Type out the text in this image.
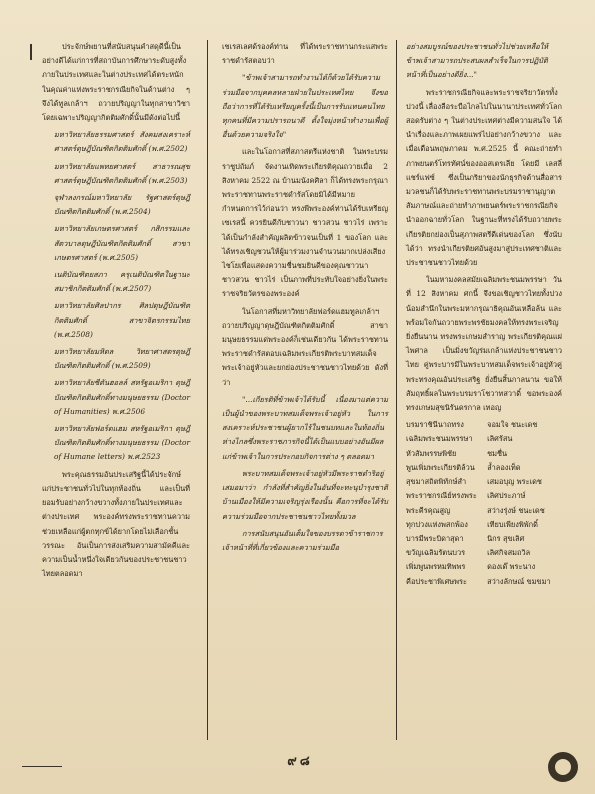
ประจักษ์พยานที่สนับสนุนคำสดุดีนี้เป็นอย่างดีได้แก่การที่สถาบันการศึกษาระดับสูงทั้งภายในประเทศและในต่างประเทศได้ตระหนักในคุณค่าแห่งพระราชกรณียกิจในด้านต่าง ๆ จึงได้ทูลเกล้าฯ ถวายปริญญาในทุกสาขาวิชา โดยเฉพาะปริญญากิตติมศักดิ์นั้นมีดังต่อไปนี้

มหาวิทยาลัยธรรมศาสตร์ สังคมสงเคราะห์ศาสตร์ดุษฎีบัณฑิตกิตติมศักดิ์ (พ.ศ.2502)

มหาวิทยาลัยแพทยศาสตร์ สาธารณสุขศาสตร์ดุษฎีบัณฑิตกิตติมศักดิ์ (พ.ศ.2503)

จุฬาลงกรณ์มหาวิทยาลัย รัฐศาสตร์ดุษฎีบัณฑิตกิตติมศักดิ์ (พ.ศ.2504)

มหาวิทยาลัยเกษตรศาสตร์ กสิกรรมและสัตวบาลดุษฎีบัณฑิตกิตติมศักดิ์ สาขาเกษตรศาสตร์ (พ.ศ.2505)

เนติบัณฑิตยสภา ครุเนติบัณฑิตในฐานะสมาชิกกิตติมศักดิ์ (พ.ศ.2507)

มหาวิทยาลัยศิลปากร ศิลปดุษฎีบัณฑิตกิตติมศักดิ์ สาขาจิตรกรรมไทย (พ.ศ.2508)

มหาวิทยาลัยมหิดล วิทยาศาสตรดุษฎีบัณฑิตกิตติมศักดิ์ (พ.ศ.2509)

มหาวิทยาลัยซีตันฮอลล์ สหรัฐอเมริกา ดุษฎีบัณฑิตกิตติมศักดิ์ทางมนุษยธรรม (Doctor of Humanities) พ.ศ.2506

มหาวิทยาลัยฟอร์ดแฮม สหรัฐอเมริกา ดุษฎีบัณฑิตกิตติมศักดิ์ทางมนุษยธรรม (Doctor of Humane letters) พ.ศ.2523

พระคุณธรรมอันประเสริฐนี้ได้ประจักษ์แก่ประชาชนทั่วไปในทุกท้องถิ่น และเป็นที่ยอมรับอย่างกว้างขวางทั้งภายในประเทศและต่างประเทศ พระองค์ทรงพระราชทานความช่วยเหลือแก่ผู้ตกทุกข์ได้ยากโดยไม่เลือกชั้นวรรณะ อันเป็นการส่งเสริมความสามัคคีและความเป็นน้ำหนึ่งใจเดียวกันของประชาชนชาวไทยตลอดมา

เชเรสเลศด้รองค์ท่าน ที่ได้พระราชทานกระแสพระราชดำรัสตอบว่า

"ข้าพเจ้าสามารถทำงานได้ก็ด้วยได้รับความร่วมมือจากบุคคลหลายฝ่ายในประเทศไทย จึงขอถือว่าการที่ได้รับเหรียญครั้งนี้เป็นการรับแทนคนไทยทุกคนที่มีความปรารถนาดี ตั้งใจมุ่งหน้าทำงานเพื่อผู้อื่นด้วยความจริงใจ"

และในโอกาสที่สภาสตรีแห่งชาติ ในพระบรมราชูปถัมภ์ จัดงานเทิดพระเกียรติคุณถวายเมื่อ 2 สิงหาคม 2522 ณ บ้านมนังคศิลา ก็ได้ทรงพระกรุณาพระราชทานพระราชดำรัสโดยมิได้มีหมายกำหนดการไว้ก่อนว่า ทรงพีพระองค์ท่านได้รับเหรียญเซเรสนี้ ควรยินดีกับชาวนา ชาวสวน ชาวไร่ เพราะได้เป็นกำลังสำคัญผลิตข้าวจนเป็นที่ 1 ของโลก และได้ทรงเชิญชวนให้ผู้มาร่วมงานจำนวนมากเปล่งเสียงไชโยเพื่อแสดงความชื่นชมยินดีของคุณชาวนา ชาวสวน ชาวไร่ เป็นภาพที่ประทับใจอย่างยิ่งในพระราชจริยวัตรของพระองค์

ในโอกาสที่มหาวิทยาลัยฟอร์ดแฮมทูลเกล้าฯ ถวายปริญญาดุษฎีบัณฑิตกิตติมศักดิ์ สาขามนุษยธรรมแด่พระองค์ก็เช่นเดียวกัน ได้พระราชทานพระราชดำรัสตอบเฉลิมพระเกียรติพระบาทสมเด็จพระเจ้าอยู่หัวและยกย่องประชาชนชาวไทยด้วย ดังที่ว่า

"...เกียรติที่ข้าพเจ้าได้รับนี้ เนื่องมาแต่ความเป็นผู้นำของพระบาทสมเด็จพระเจ้าอยู่หัว ในการสงเคราะห์ประชาชนผู้ยากไร้ในชนบทและในท้องถิ่นห่างไกลซึ่งพระราชภารกิจนี้ได้เป็นแบบอย่างอันมีผลแก่ข้าพเจ้าในการประกอบกิจการต่าง ๆ ตลอดมา

พระบาทสมเด็จพระเจ้าอยู่หัวมีพระราชดำริอยู่เสมอมาว่า กำลังที่สำคัญยิ่งในอันที่จะทะนุบำรุงชาติบ้านเมืองให้มีความเจริญรุ่งเรืองนั้น คือการที่จะได้รับความร่วมมือจากประชาชนชาวไทยทั้งมวล

การสนับสนุนอันเต็มใจของบรรดาข้าราชการ เจ้าหน้าที่ที่เกี่ยวข้องและความร่วมมือ

อย่างสมบูรณ์ของประชาชนทั่วไปช่วยเหลือให้ข้าพเจ้าสามารถประสบผลสำเร็จในการปฏิบัติหน้าที่เป็นอย่างดียิ่ง..."

พระราชกรณียกิจและพระราชจริยาวัตรทั้งปวงนี้ เลื่องลือระบือไกลไปในนานาประเทศทั่วโลก สอดรับต่าง ๆ ในต่างประเทศต่างมีความสนใจ ได้นำเรื่องและภาพเผยแพร่ไปอย่างกว้างขวาง และเมื่อเดือนพฤษภาคม พ.ศ.2525 นี้ คณะถ่ายทำภาพยนตร์โทรทัศน์ของออสเตรเลีย โดยมี เลสลี่ แชร์แฟซ์ ซึ่งเป็นภริยาของนักธุรกิจด้านสื่อสารมวลชนก็ได้รับพระราชทานพระบรมราชานุญาตสัมภาษณ์และถ่ายทำภาพยนตร์พระราชกรณียกิจนำออกฉายทั่วโลก ในฐานะที่ทรงได้รับถวายพระเกียรติยกย่องเป็นสุภาพสตรีดีเด่นของโลก ซึ่งนับได้ว่า ทรงนำเกียรติยศอันสูงมาสู่ประเทศชาติและประชาชนชาวไทยด้วย

ในมหามงคลสมัยเฉลิมพระชนมพรรษา วันที่ 12 สิงหาคม ศกนี้ จึงขอเชิญชาวไทยทั้งปวง น้อมสำนึกในพระมหากรุณาธิคุณอันเหลือล้น และพร้อมใจกันถวายพระพรชัยมงคลให้ทรงพระเจริญยิ่งยืนนาน ทรงพระเกษมสำราญ พระเกียรติคุณแผ่ไพศาล เป็นมิ่งขวัญร่มเกล้าแห่งประชาชนชาวไทย คู่พระบารมีในพระบาทสมเด็จพระเจ้าอยู่หัวคู่พระทรงคุณอันประเสริฐ ยั่งยืนสิ้นกาลนาน ขอให้สัมฤทธิ์ผลในพระบรมราโชวาทสวาดิ์ ขอพระองค์ทรงเกษมสุขนิรันดรกาล เทอญ

บรมราชินีนาถทรง	จอมใจ ชนะเดช
เฉลิมพระชนมพรรษา	เลิศรัสน
หัวสัมพรรษพิชัย	ชมชื่น
พูนเพิ่มพระเกียรติล้วน	ล้ำลองเท็ด
สุขมาสถิตพิทักษ์สำ	เสมอบุญ พระเดช
พระราชกรณีย์ทรงพระ	เลิศประภาษ์
พระคีรคุณสูญ	สว่างรุ่งษ์ ชนะเดช
ทุกปวงแห่งพสกพ้อง	เทียบเพียงพิพักดิ์
บารมีพระบิดาสุดา	นิกร สุขเลิศ
ขวัญเฉลิมรัตนบวร	เลิศกิจสมถวิล
เพิ่มพูนพรหมทิพพร	ดองเด๊ พระนาง
คือประชาพิเศษพระ	สว่างลักษณ์ ขมขมา
๙๘
